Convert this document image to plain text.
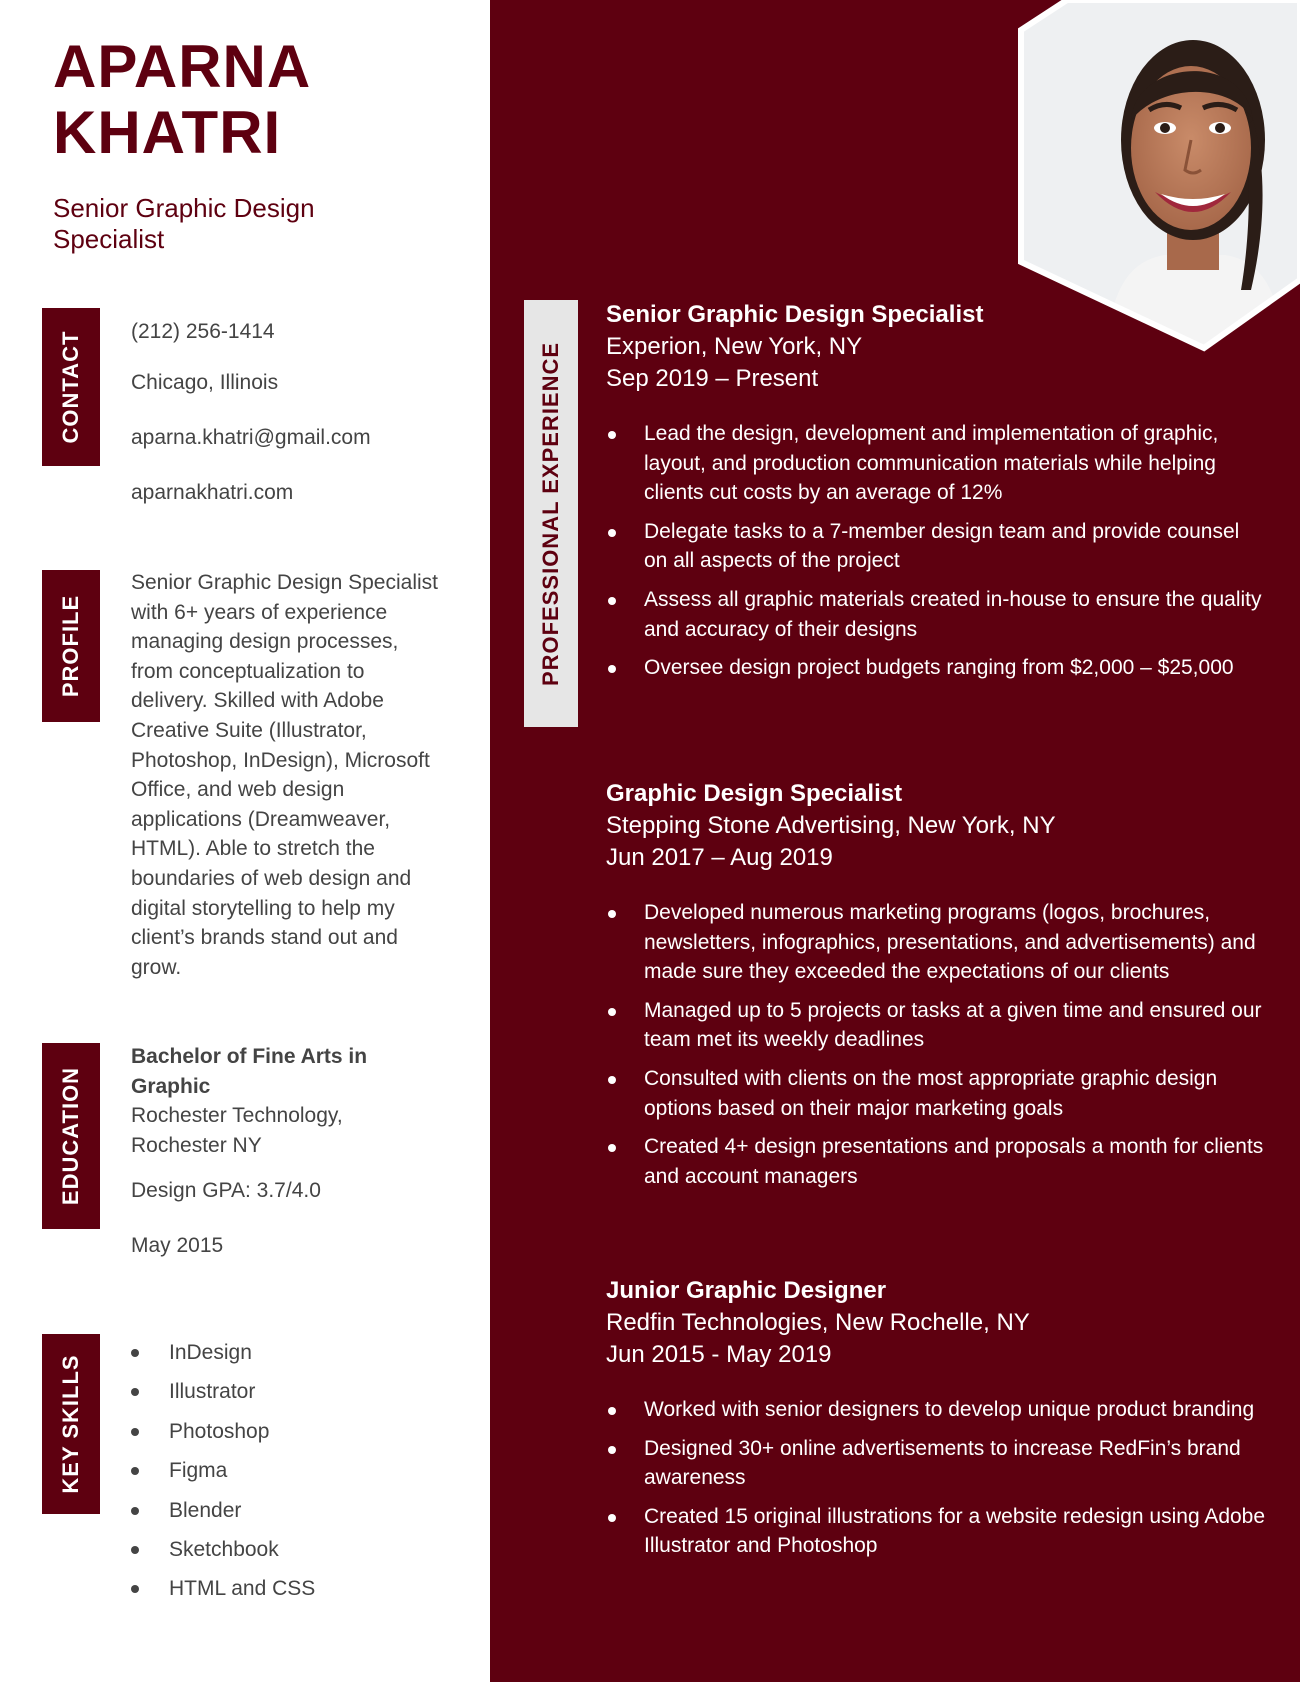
APARNA
KHATRI
Senior Graphic Design
Specialist
CONTACT (212) 256-1414
Chicago, Illinois
aparna.khatri@gmail.com
aparnakhatri.com
PROFILE
Senior Graphic Design Specialist with 6+ years of experience managing design processes, from conceptualization to delivery. Skilled with Adobe Creative Suite (Illustrator, Photoshop, InDesign), Microsoft Office, and web design applications (Dreamweaver, HTML). Able to stretch the boundaries of web design and digital storytelling to help my client’s brands stand out and grow.
EDUCATION
Bachelor of Fine Arts in Graphic
Rochester Technology, Rochester NY
Design GPA: 3.7/4.0
May 2015
KEY SKILLS
InDesign
Illustrator
Photoshop
Figma
Blender
Sketchbook
HTML and CSS
PROFESSIONAL EXPERIENCE
Senior Graphic Design Specialist
Experion, New York, NY
Sep 2019 – Present
Lead the design, development and implementation of graphic, layout, and production communication materials while helping clients cut costs by an average of 12%
Delegate tasks to a 7-member design team and provide counsel on all aspects of the project
Assess all graphic materials created in-house to ensure the quality and accuracy of their designs
Oversee design project budgets ranging from $2,000 – $25,000
Graphic Design Specialist
Stepping Stone Advertising, New York, NY
Jun 2017 – Aug 2019
Developed numerous marketing programs (logos, brochures, newsletters, infographics, presentations, and advertisements) and made sure they exceeded the expectations of our clients
Managed up to 5 projects or tasks at a given time and ensured our team met its weekly deadlines
Consulted with clients on the most appropriate graphic design options based on their major marketing goals
Created 4+ design presentations and proposals a month for clients and account managers
Junior Graphic Designer
Redfin Technologies, New Rochelle, NY
Jun 2015 - May 2019
Worked with senior designers to develop unique product branding
Designed 30+ online advertisements to increase RedFin’s brand awareness
Created 15 original illustrations for a website redesign using Adobe Illustrator and Photoshop
